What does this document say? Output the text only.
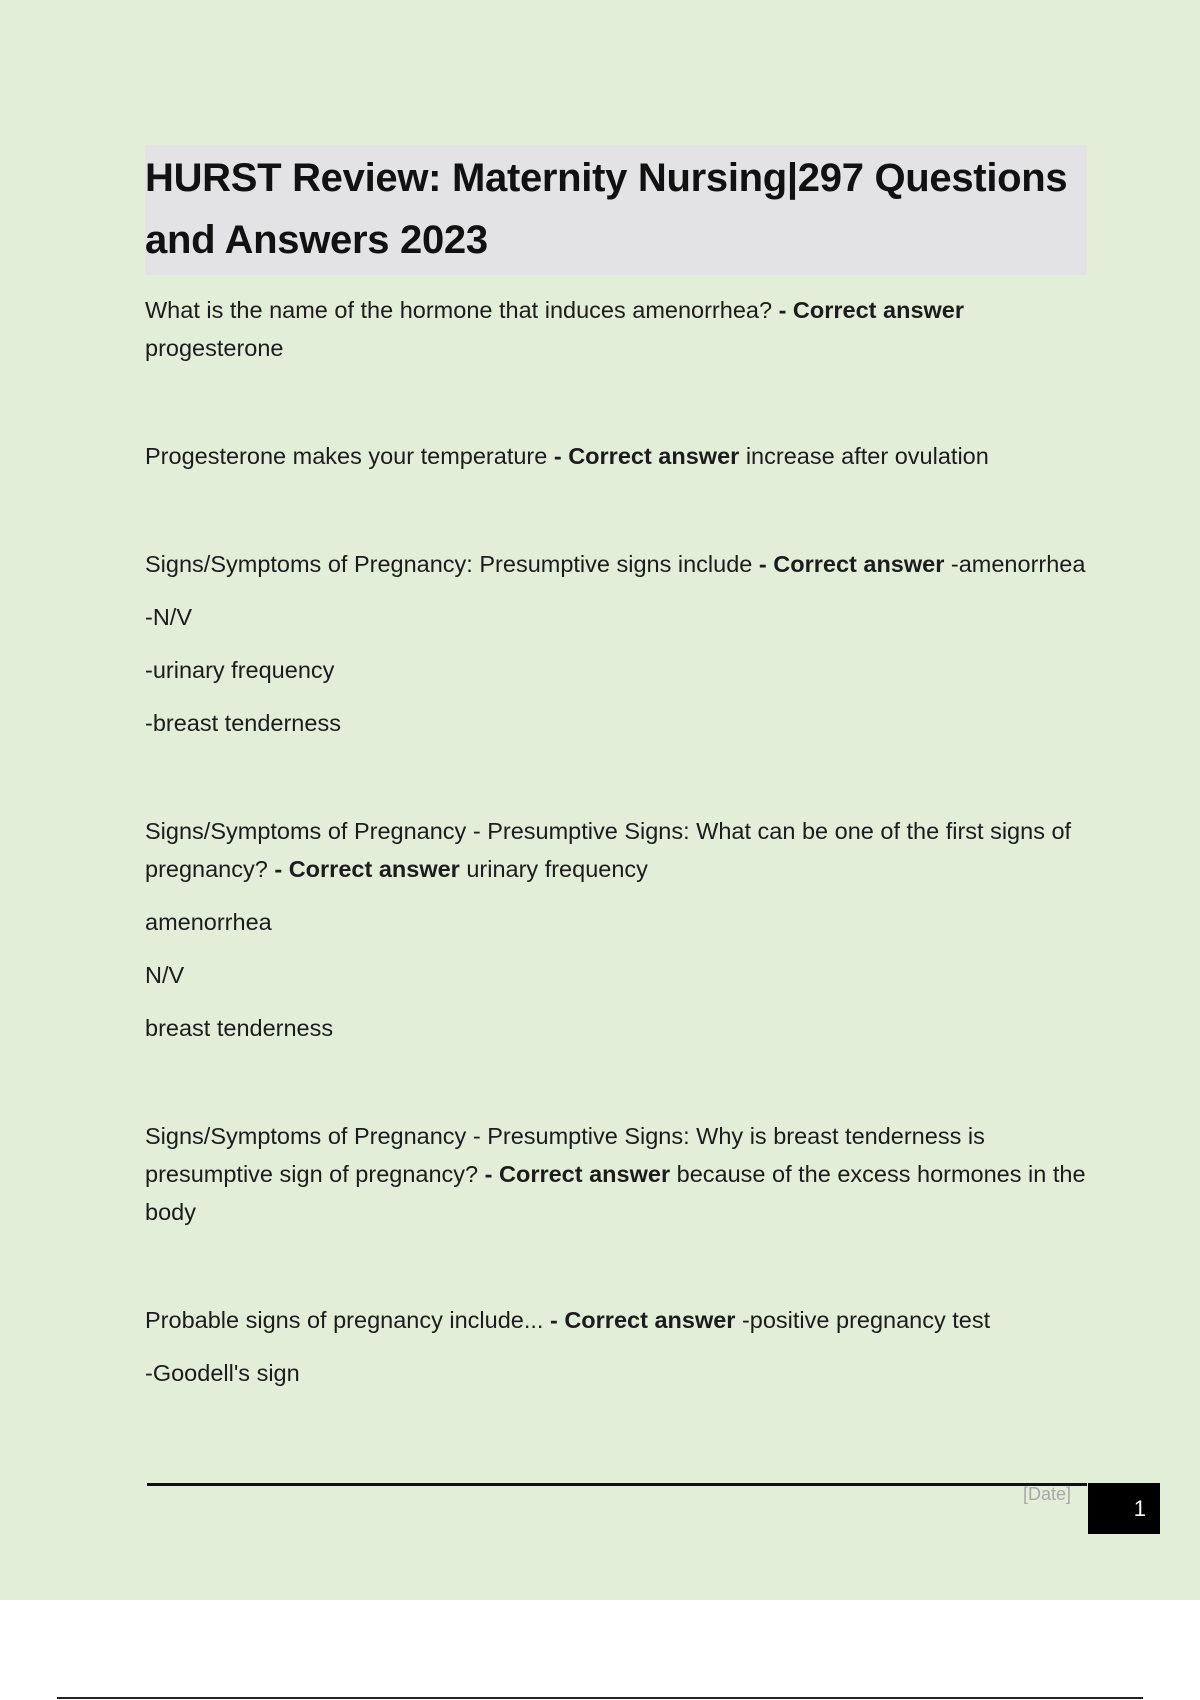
HURST Review: Maternity Nursing|297 Questions and Answers 2023

What is the name of the hormone that induces amenorrhea? - Correct answer progesterone

Progesterone makes your temperature - Correct answer increase after ovulation

Signs/Symptoms of Pregnancy: Presumptive signs include - Correct answer -amenorrhea

-N/V

-urinary frequency

-breast tenderness

Signs/Symptoms of Pregnancy - Presumptive Signs: What can be one of the first signs of pregnancy? - Correct answer urinary frequency

amenorrhea

N/V

breast tenderness

Signs/Symptoms of Pregnancy - Presumptive Signs: Why is breast tenderness is presumptive sign of pregnancy? - Correct answer because of the excess hormones in the body

Probable signs of pregnancy include... - Correct answer -positive pregnancy test

-Goodell's sign

[Date]
1
